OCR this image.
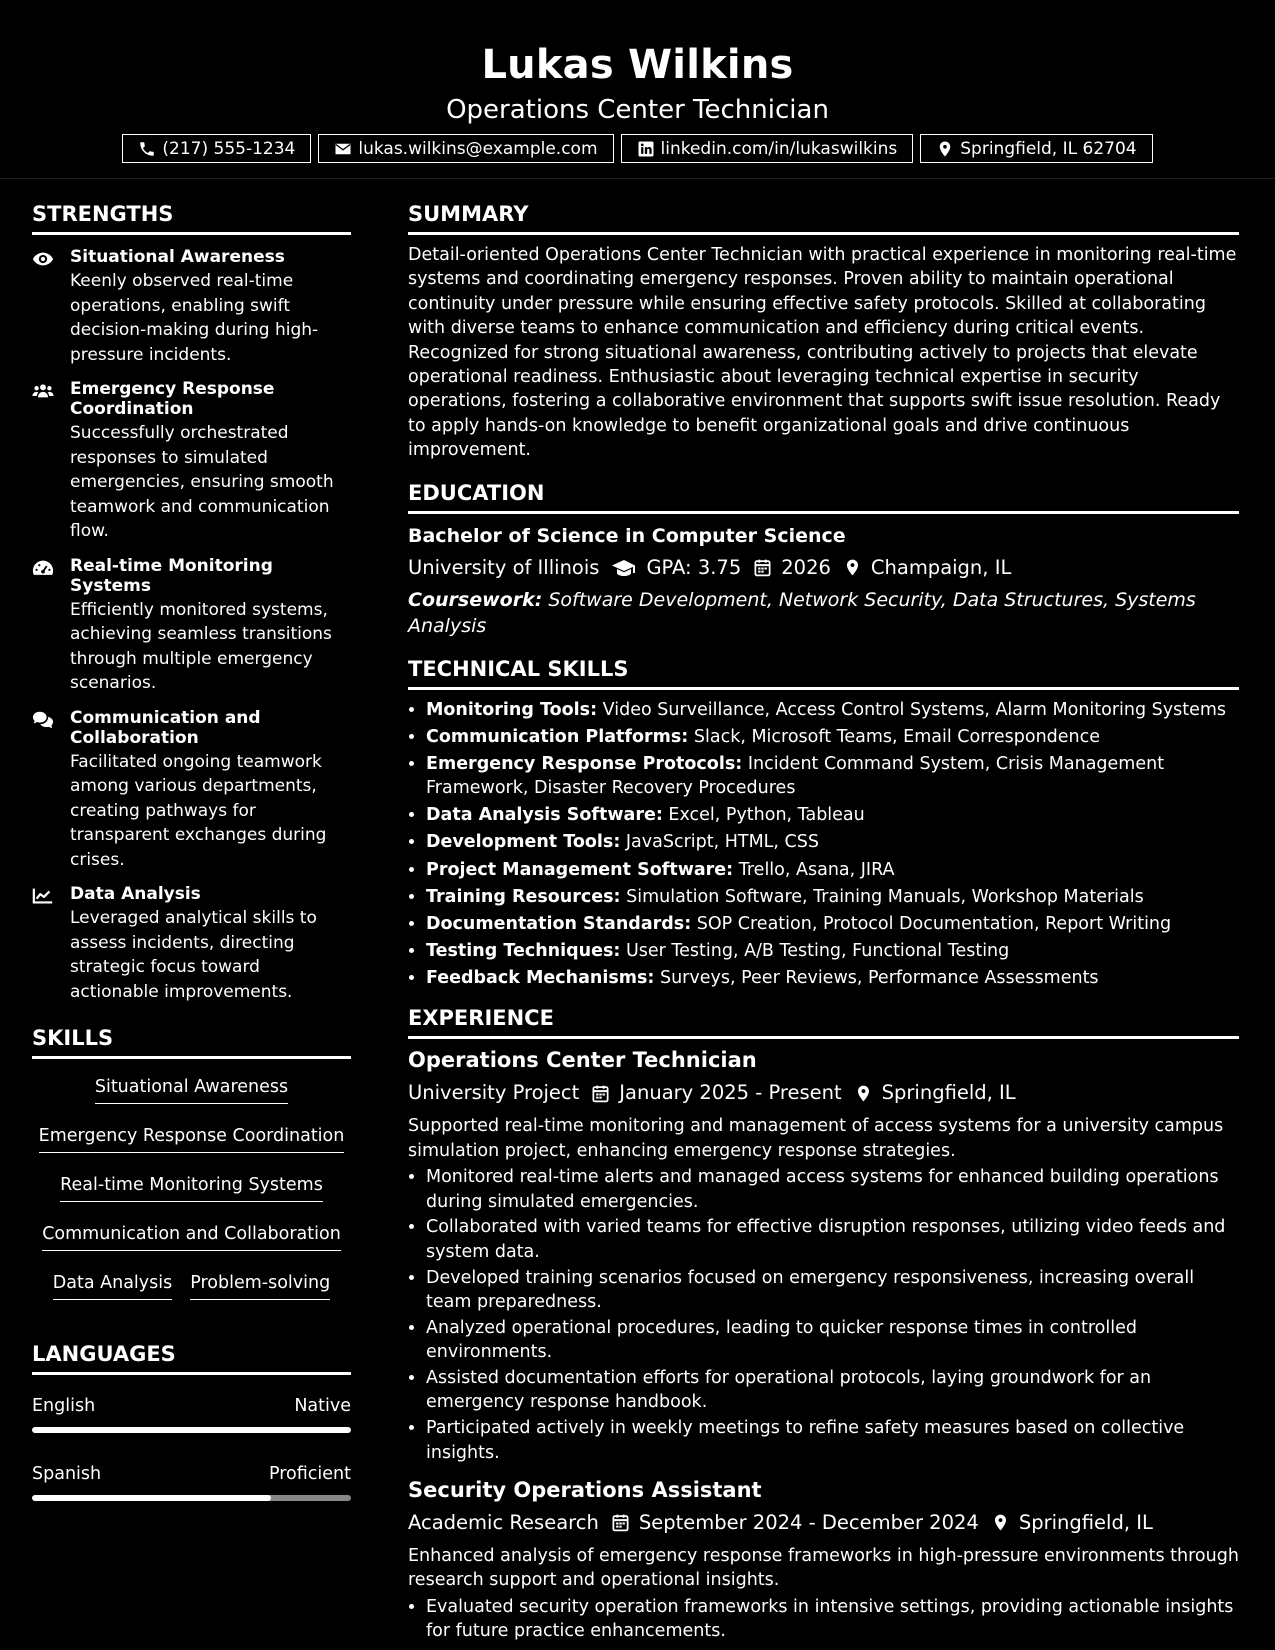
Lukas Wilkins
Operations Center Technician
(217) 555-1234	lukas.wilkins@example.com	linkedin.com/in/lukaswilkins	Springfield, IL 62704
STRENGTHS
Situational Awareness
Keenly observed real-time operations, enabling swift decision-making during high-pressure incidents.
Emergency Response Coordination
Successfully orchestrated responses to simulated emergencies, ensuring smooth teamwork and communication flow.
Real-time Monitoring Systems
Efficiently monitored systems, achieving seamless transitions through multiple emergency scenarios.
Communication and Collaboration
Facilitated ongoing teamwork among various departments, creating pathways for transparent exchanges during crises.
Data Analysis
Leveraged analytical skills to assess incidents, directing strategic focus toward actionable improvements.
SKILLS
Situational Awareness
Emergency Response Coordination
Real-time Monitoring Systems
Communication and Collaboration
Data Analysis Problem-solving
LANGUAGES
English	Native
Spanish	Proficient
SUMMARY

Detail-oriented Operations Center Technician with practical experience in monitoring real-time systems and coordinating emergency responses. Proven ability to maintain operational continuity under pressure while ensuring effective safety protocols. Skilled at collaborating with diverse teams to enhance communication and efficiency during critical events. Recognized for strong situational awareness, contributing actively to projects that elevate operational readiness. Enthusiastic about leveraging technical expertise in security operations, fostering a collaborative environment that supports swift issue resolution. Ready to apply hands-on knowledge to benefit organizational goals and drive continuous improvement.

EDUCATION
Bachelor of Science in Computer Science
University of Illinois GPA: 3.75 2026 Champaign, IL
Coursework: Software Development, Network Security, Data Structures, Systems Analysis
TECHNICAL SKILLS
• Monitoring Tools: Video Surveillance, Access Control Systems, Alarm Monitoring Systems
• Communication Platforms: Slack, Microsoft Teams, Email Correspondence
• Emergency Response Protocols: Incident Command System, Crisis Management Framework, Disaster Recovery Procedures
• Data Analysis Software: Excel, Python, Tableau
• Development Tools: JavaScript, HTML, CSS
• Project Management Software: Trello, Asana, JIRA
• Training Resources: Simulation Software, Training Manuals, Workshop Materials
• Documentation Standards: SOP Creation, Protocol Documentation, Report Writing
• Testing Techniques: User Testing, A/B Testing, Functional Testing
• Feedback Mechanisms: Surveys, Peer Reviews, Performance Assessments
EXPERIENCE
Operations Center Technician
University Project January 2025 - Present Springfield, IL
Supported real-time monitoring and management of access systems for a university campus simulation project, enhancing emergency response strategies.
• Monitored real-time alerts and managed access systems for enhanced building operations during simulated emergencies.
• Collaborated with varied teams for effective disruption responses, utilizing video feeds and system data.
• Developed training scenarios focused on emergency responsiveness, increasing overall team preparedness.
• Analyzed operational procedures, leading to quicker response times in controlled environments.
• Assisted documentation efforts for operational protocols, laying groundwork for an emergency response handbook.
• Participated actively in weekly meetings to refine safety measures based on collective insights.
Security Operations Assistant
Academic Research September 2024 - December 2024 Springfield, IL
Enhanced analysis of emergency response frameworks in high-pressure environments through research support and operational insights.
• Evaluated security operation frameworks in intensive settings, providing actionable insights for future practice enhancements.
